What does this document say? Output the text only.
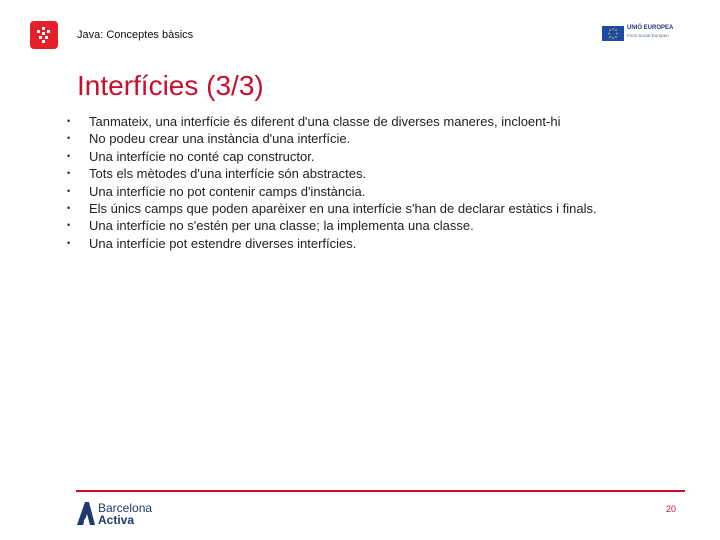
Java: Conceptes bàsics
UNIÓ EUROPEA
Fons Social Europeu
Interfícies (3/3)
• Tanmateix, una interfície és diferent d'una classe de diverses maneres, incloent-hi
• No podeu crear una instància d'una interfície.
• Una interfície no conté cap constructor.
• Tots els mètodes d'una interfície són abstractes.
• Una interfície no pot contenir camps d'instància.
• Els únics camps que poden aparèixer en una interfície s'han de declarar estàtics i finals.
• Una interfície no s'estén per una classe; la implementa una classe.
• Una interfície pot estendre diverses interfícies.
Barcelona
Activa
20
